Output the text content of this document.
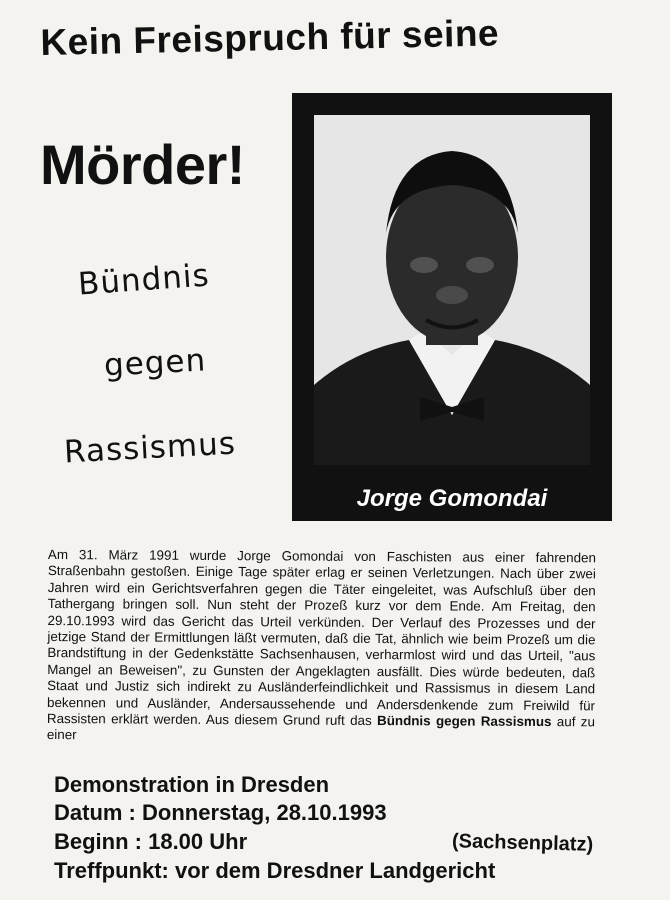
Kein Freispruch für seine
Mörder!
Bündnis
gegen
Rassismus
Jorge Gomondai
Am 31. März 1991 wurde Jorge Gomondai von Faschisten aus einer fahrenden Straßenbahn gestoßen. Einige Tage später erlag er seinen Verletzungen. Nach über zwei Jahren wird ein Gerichtsverfahren gegen die Täter eingeleitet, was Aufschluß über den Tathergang bringen soll. Nun steht der Prozeß kurz vor dem Ende. Am Freitag, den 29.10.1993 wird das Gericht das Urteil verkünden. Der Verlauf des Prozesses und der jetzige Stand der Ermittlungen läßt vermuten, daß die Tat, ähnlich wie beim Prozeß um die Brandstiftung in der Gedenkstätte Sachsenhausen, verharmlost wird und das Urteil, "aus Mangel an Beweisen", zu Gunsten der Angeklagten ausfällt. Dies würde bedeuten, daß Staat und Justiz sich indirekt zu Ausländerfeindlichkeit und Rassismus in diesem Land bekennen und Ausländer, Andersaussehende und Andersdenkende zum Freiwild für Rassisten erklärt werden. Aus diesem Grund ruft das Bündnis gegen Rassismus auf zu einer
Demonstration in Dresden
Datum : Donnerstag, 28.10.1993
Beginn : 18.00 Uhr	(Sachsenplatz)
Treffpunkt: vor dem Dresdner Landgericht
